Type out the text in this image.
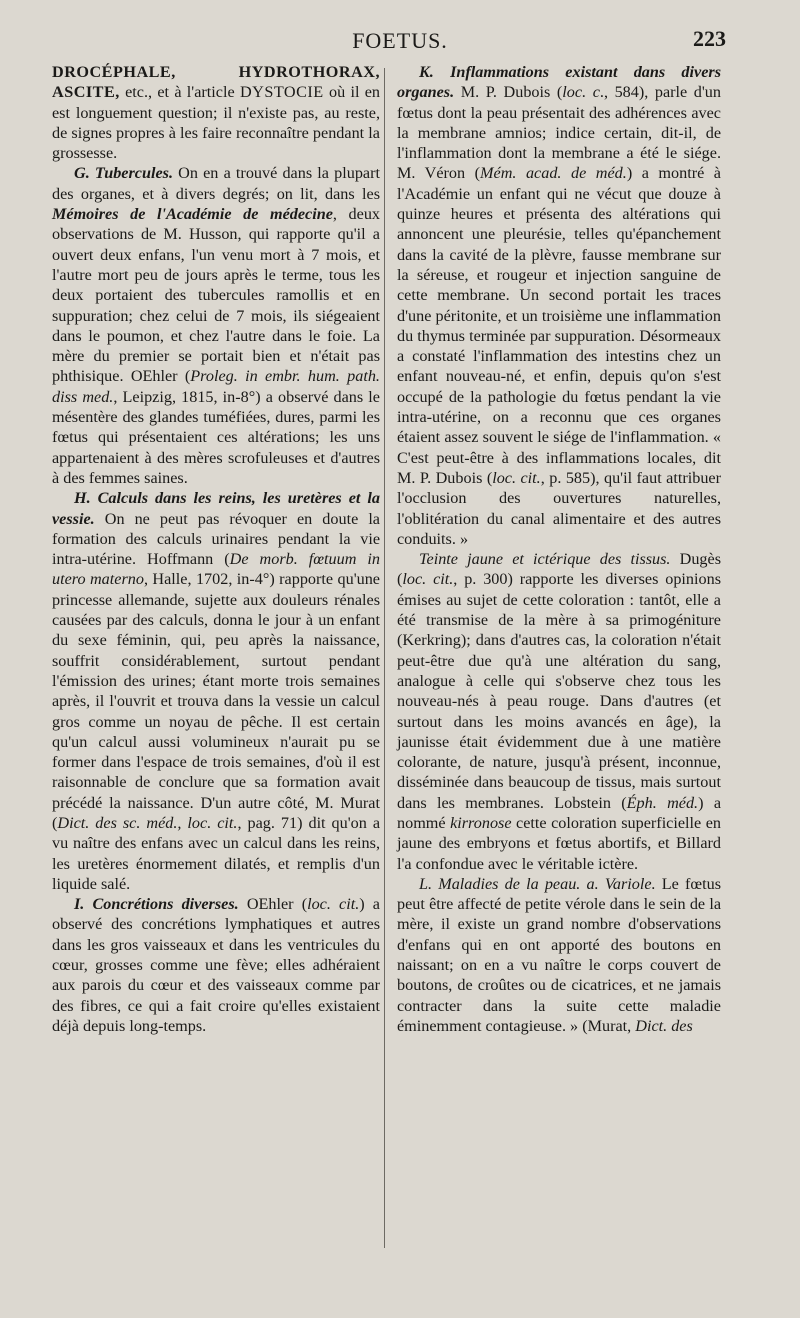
FOETUS.	223

DROCÉPHALE, HYDROTHORAX, ASCITE, etc., et à l'article DYSTOCIE où il en est longuement question; il n'existe pas, au reste, de signes propres à les faire reconnaître pendant la grossesse.

G. Tubercules. On en a trouvé dans la plupart des organes, et à divers degrés; on lit, dans les Mémoires de l'Académie de médecine, deux observations de M. Husson, qui rapporte qu'il a ouvert deux enfans, l'un venu mort à 7 mois, et l'autre mort peu de jours après le terme, tous les deux portaient des tubercules ramollis et en suppuration; chez celui de 7 mois, ils siégeaient dans le poumon, et chez l'autre dans le foie. La mère du premier se portait bien et n'était pas phthisique. OEhler (Proleg. in embr. hum. path. diss med., Leipzig, 1815, in-8°) a observé dans le mésentère des glandes tuméfiées, dures, parmi les fœtus qui présentaient ces altérations; les uns appartenaient à des mères scrofuleuses et d'autres à des femmes saines.

H. Calculs dans les reins, les uretères et la vessie. On ne peut pas révoquer en doute la formation des calculs urinaires pendant la vie intra-utérine. Hoffmann (De morb. fœtuum in utero materno, Halle, 1702, in-4°) rapporte qu'une princesse allemande, sujette aux douleurs rénales causées par des calculs, donna le jour à un enfant du sexe féminin, qui, peu après la naissance, souffrit considérablement, surtout pendant l'émission des urines; étant morte trois semaines après, il l'ouvrit et trouva dans la vessie un calcul gros comme un noyau de pêche. Il est certain qu'un calcul aussi volumineux n'aurait pu se former dans l'espace de trois semaines, d'où il est raisonnable de conclure que sa formation avait précédé la naissance. D'un autre côté, M. Murat (Dict. des sc. méd., loc. cit., pag. 71) dit qu'on a vu naître des enfans avec un calcul dans les reins, les uretères énormement dilatés, et remplis d'un liquide salé.

I. Concrétions diverses. OEhler (loc. cit.) a observé des concrétions lymphatiques et autres dans les gros vaisseaux et dans les ventricules du cœur, grosses comme une fève; elles adhéraient aux parois du cœur et des vaisseaux comme par des fibres, ce qui a fait croire qu'elles existaient déjà depuis long-temps.

K. Inflammations existant dans divers organes. M. P. Dubois (loc. c., 584), parle d'un fœtus dont la peau présentait des adhérences avec la membrane amnios; indice certain, dit-il, de l'inflammation dont la membrane a été le siége. M. Véron (Mém. acad. de méd.) a montré à l'Académie un enfant qui ne vécut que douze à quinze heures et présenta des altérations qui annoncent une pleurésie, telles qu'épanchement dans la cavité de la plèvre, fausse membrane sur la séreuse, et rougeur et injection sanguine de cette membrane. Un second portait les traces d'une péritonite, et un troisième une inflammation du thymus terminée par suppuration. Désormeaux a constaté l'inflammation des intestins chez un enfant nouveau-né, et enfin, depuis qu'on s'est occupé de la pathologie du fœtus pendant la vie intra-utérine, on a reconnu que ces organes étaient assez souvent le siége de l'inflammation. « C'est peut-être à des inflammations locales, dit M. P. Dubois (loc. cit., p. 585), qu'il faut attribuer l'occlusion des ouvertures naturelles, l'oblitération du canal alimentaire et des autres conduits. »

Teinte jaune et ictérique des tissus. Dugès (loc. cit., p. 300) rapporte les diverses opinions émises au sujet de cette coloration : tantôt, elle a été transmise de la mère à sa primogéniture (Kerkring); dans d'autres cas, la coloration n'était peut-être due qu'à une altération du sang, analogue à celle qui s'observe chez tous les nouveau-nés à peau rouge. Dans d'autres (et surtout dans les moins avancés en âge), la jaunisse était évidemment due à une matière colorante, de nature, jusqu'à présent, inconnue, disséminée dans beaucoup de tissus, mais surtout dans les membranes. Lobstein (Éph. méd.) a nommé kirronose cette coloration superficielle en jaune des embryons et fœtus abortifs, et Billard l'a confondue avec le véritable ictère.

L. Maladies de la peau. a. Variole. Le fœtus peut être affecté de petite vérole dans le sein de la mère, il existe un grand nombre d'observations d'enfans qui en ont apporté des boutons en naissant; on en a vu naître le corps couvert de boutons, de croûtes ou de cicatrices, et ne jamais contracter dans la suite cette maladie éminemment contagieuse. » (Murat, Dict. des
